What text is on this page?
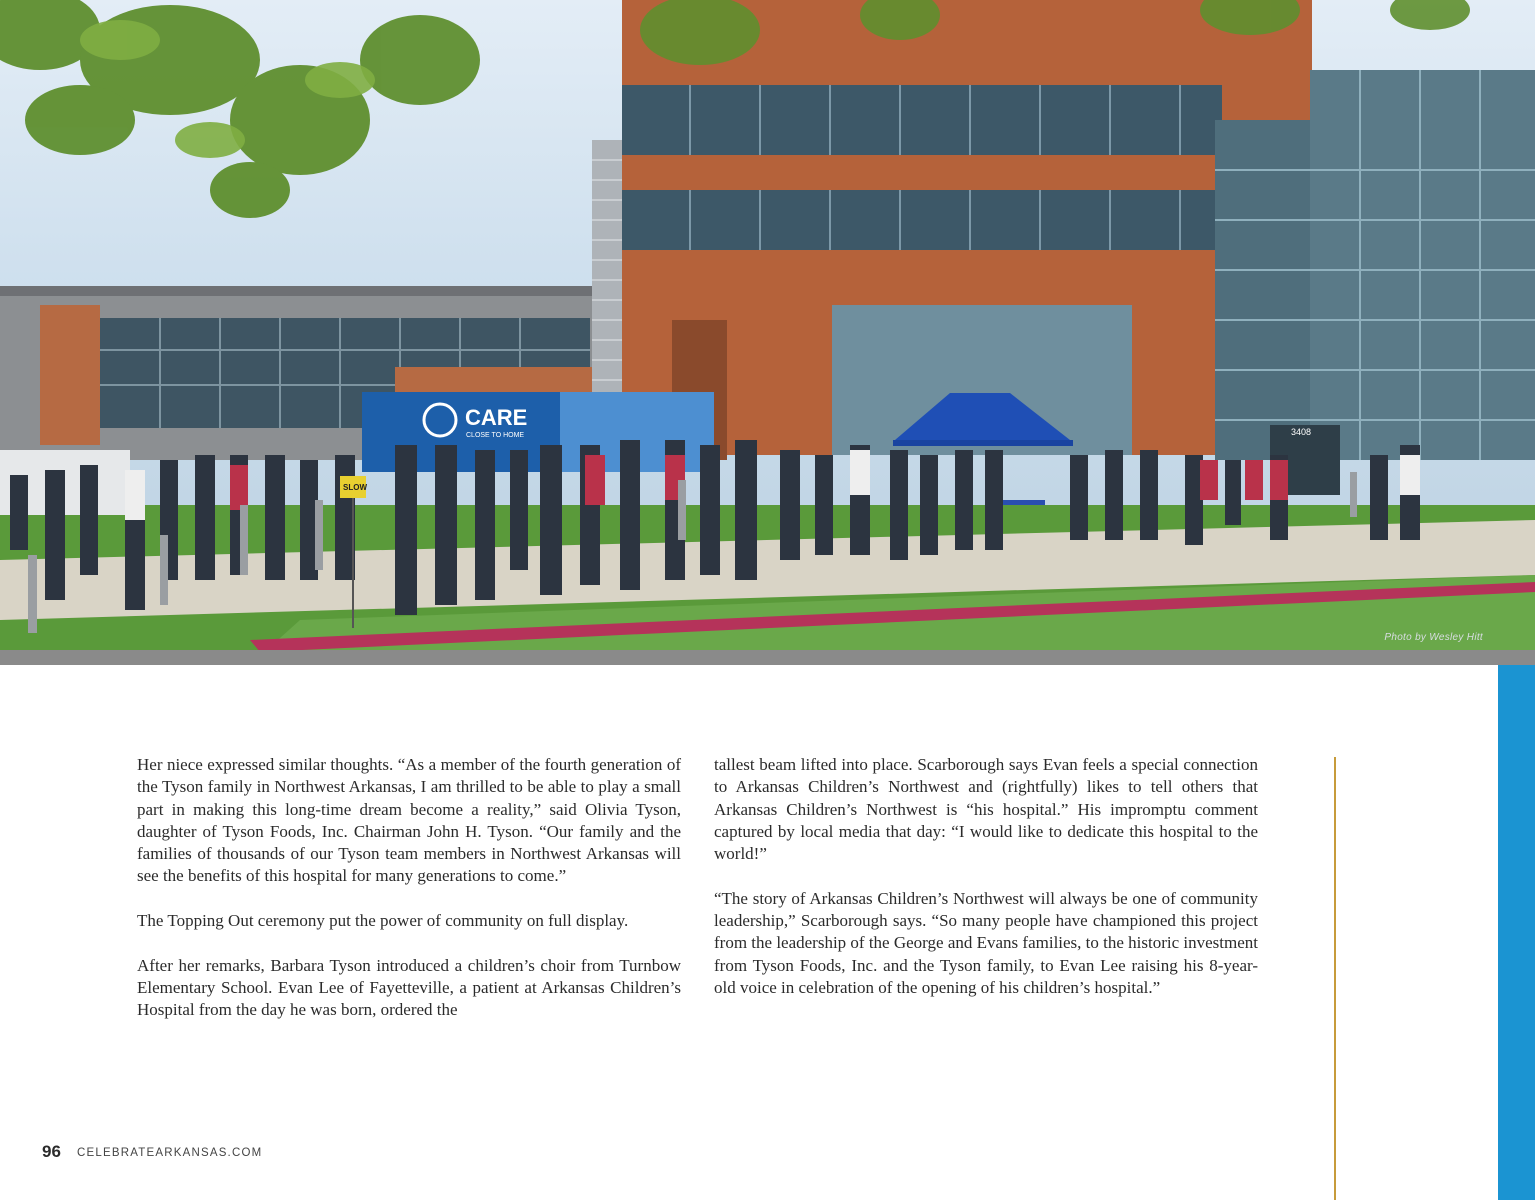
3408
CARE
CLOSE TO HOME
SLOW
Photo by Wesley Hitt

Her niece expressed similar thoughts. “As a member of the fourth generation of the Tyson family in Northwest Arkansas, I am thrilled to be able to play a small part in making this long-time dream become a reality,” said Olivia Tyson, daughter of Tyson Foods, Inc. Chairman John H. Tyson. “Our family and the families of thousands of our Tyson team members in Northwest Arkansas will see the benefits of this hospital for many generations to come.”

The Topping Out ceremony put the power of community on full display.

After her remarks, Barbara Tyson introduced a children’s choir from Turnbow Elementary School. Evan Lee of Fayetteville, a patient at Arkansas Children’s Hospital from the day he was born, ordered the

tallest beam lifted into place. Scarborough says Evan feels a special connection to Arkansas Children’s Northwest and (rightfully) likes to tell others that Arkansas Children’s Northwest is “his hospital.” His impromptu comment captured by local media that day: “I would like to dedicate this hospital to the world!”

“The story of Arkansas Children’s Northwest will always be one of community leadership,” Scarborough says. “So many people have championed this project from the leadership of the George and Evans families, to the historic investment from Tyson Foods, Inc. and the Tyson family, to Evan Lee raising his 8-year-old voice in celebration of the opening of his children’s hospital.”

96 CELEBRATEARKANSAS.COM
